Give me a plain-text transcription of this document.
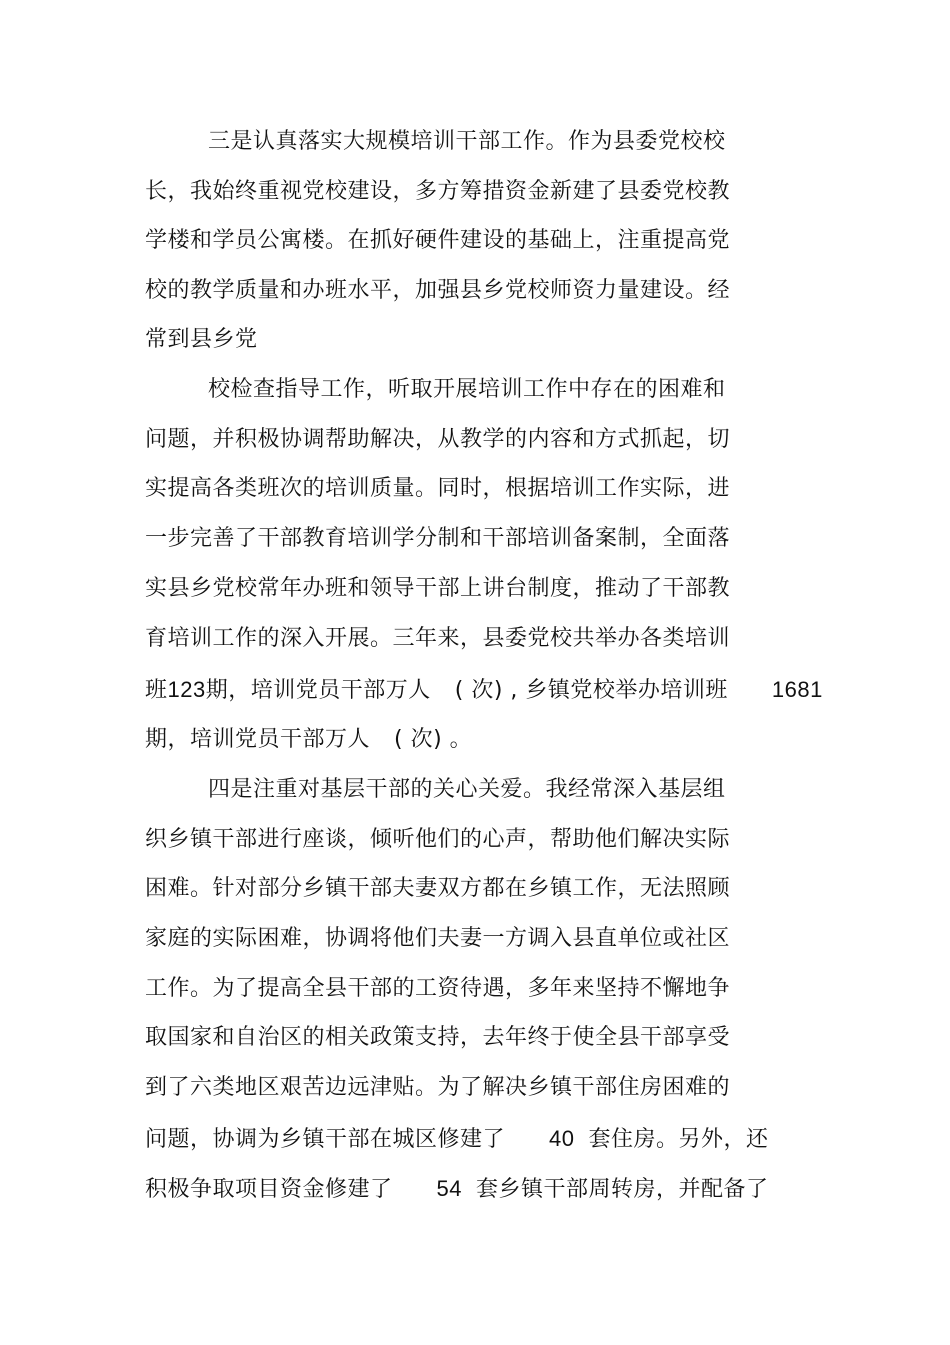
三是认真落实大规模培训干部工作。作为县委党校校
长，我始终重视党校建设，多方筹措资金新建了县委党校教
学楼和学员公寓楼。在抓好硬件建设的基础上，注重提高党
校的教学质量和办班水平，加强县乡党校师资力量建设。经
常到县乡党
校检查指导工作，听取开展培训工作中存在的困难和
问题，并积极协调帮助解决，从教学的内容和方式抓起，切
实提高各类班次的培训质量。同时，根据培训工作实际，进
一步完善了干部教育培训学分制和干部培训备案制，全面落
实县乡党校常年办班和领导干部上讲台制度，推动了干部教
育培训工作的深入开展。三年来，县委党校共举办各类培训
班123期，培训党员干部万人 ( 次) , 乡镇党校举办培训班 1681
期，培训党员干部万人 ( 次) 。
四是注重对基层干部的关心关爱。我经常深入基层组
织乡镇干部进行座谈，倾听他们的心声，帮助他们解决实际
困难。针对部分乡镇干部夫妻双方都在乡镇工作，无法照顾
家庭的实际困难，协调将他们夫妻一方调入县直单位或社区
工作。为了提高全县干部的工资待遇，多年来坚持不懈地争
取国家和自治区的相关政策支持，去年终于使全县干部享受
到了六类地区艰苦边远津贴。为了解决乡镇干部住房困难的
问题，协调为乡镇干部在城区修建了 40 套住房。另外，还
积极争取项目资金修建了 54 套乡镇干部周转房，并配备了
